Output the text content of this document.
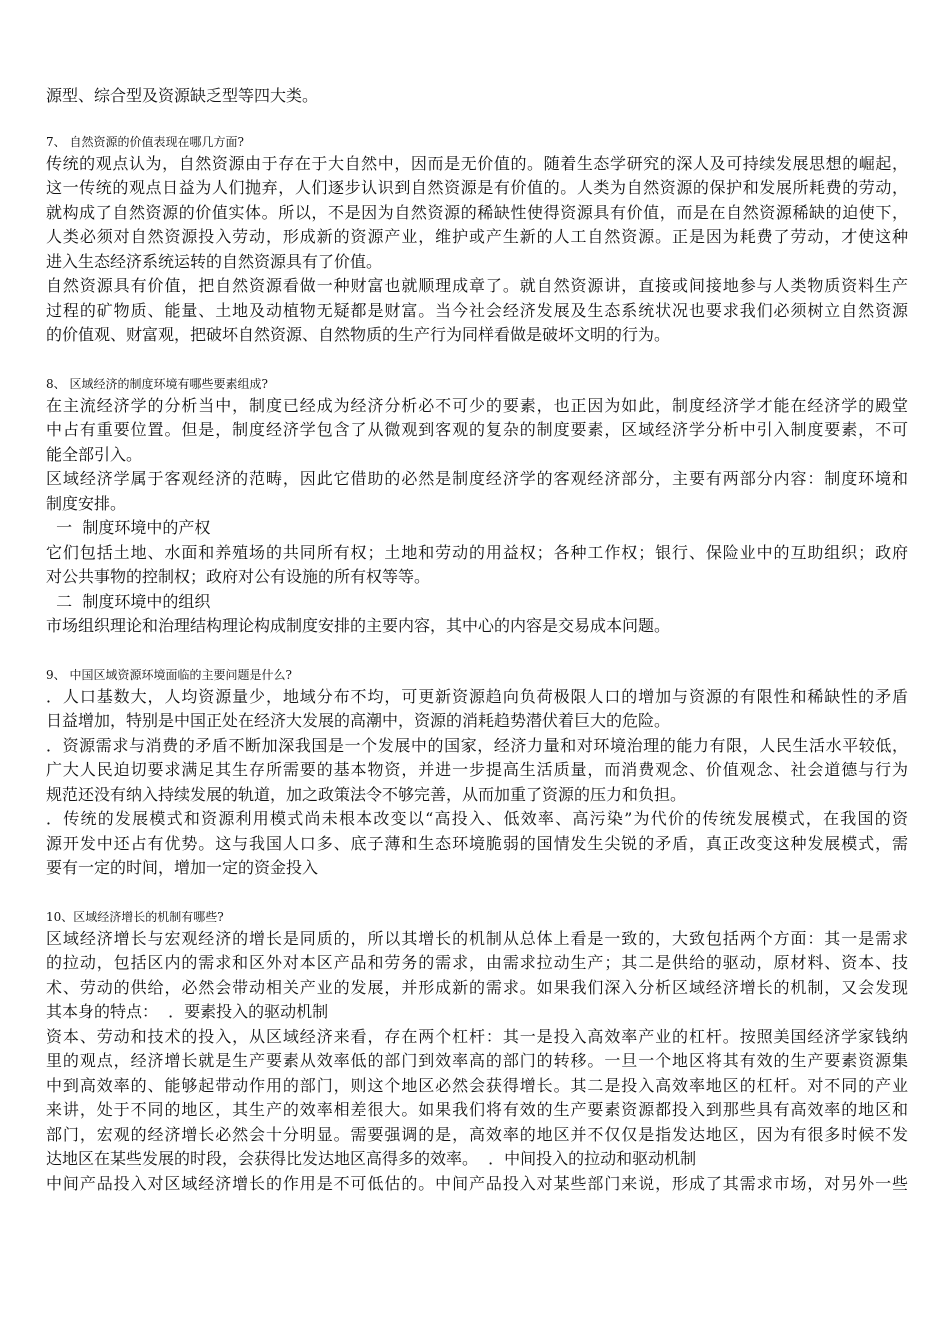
源型、综合型及资源缺乏型等四大类。
7、 自然资源的价值表现在哪几方面?
传统的观点认为，自然资源由于存在于大自然中，因而是无价值的。随着生态学研究的深人及可持续发展思想的崛起，
这一传统的观点日益为人们抛弃，人们逐步认识到自然资源是有价值的。人类为自然资源的保护和发展所耗费的劳动，
就构成了自然资源的价值实体。所以，不是因为自然资源的稀缺性使得资源具有价值，而是在自然资源稀缺的迫使下，
人类必须对自然资源投入劳动，形成新的资源产业，维护或产生新的人工自然资源。正是因为耗费了劳动，才使这种
进入生态经济系统运转的自然资源具有了价值。
自然资源具有价值，把自然资源看做一种财富也就顺理成章了。就自然资源讲，直接或间接地参与人类物质资料生产
过程的矿物质、能量、土地及动植物无疑都是财富。当今社会经济发展及生态系统状况也要求我们必须树立自然资源
的价值观、财富观，把破坏自然资源、自然物质的生产行为同样看做是破坏文明的行为。
8、 区域经济的制度环境有哪些要素组成?
在主流经济学的分析当中，制度已经成为经济分析必不可少的要素，也正因为如此，制度经济学才能在经济学的殿堂
中占有重要位置。但是，制度经济学包含了从微观到客观的复杂的制度要素，区域经济学分析中引入制度要素，不可
能全部引入。
区域经济学属于客观经济的范畴，因此它借助的必然是制度经济学的客观经济部分，主要有两部分内容：制度环境和
制度安排。
一  制度环境中的产权
它们包括土地、水面和养殖场的共同所有权；土地和劳动的用益权；各种工作权；银行、保险业中的互助组织；政府
对公共事物的控制权；政府对公有设施的所有权等等。
二  制度环境中的组织
市场组织理论和治理结构理论构成制度安排的主要内容，其中心的内容是交易成本问题。
9、 中国区域资源环境面临的主要问题是什么?
．人口基数大，人均资源量少，地域分布不均，可更新资源趋向负荷极限人口的增加与资源的有限性和稀缺性的矛盾
日益增加，特别是中国正处在经济大发展的高潮中，资源的消耗趋势潜伏着巨大的危险。
．资源需求与消费的矛盾不断加深我国是一个发展中的国家，经济力量和对环境治理的能力有限，人民生活水平较低，
广大人民迫切要求满足其生存所需要的基本物资，并进一步提高生活质量，而消费观念、价值观念、社会道德与行为
规范还没有纳入持续发展的轨道，加之政策法令不够完善，从而加重了资源的压力和负担。
．传统的发展模式和资源利用模式尚未根本改变以“高投入、低效率、高污染”为代价的传统发展模式，在我国的资
源开发中还占有优势。这与我国人口多、底子薄和生态环境脆弱的国情发生尖锐的矛盾，真正改变这种发展模式，需
要有一定的时间，增加一定的资金投入
10、区域经济增长的机制有哪些?
区域经济增长与宏观经济的增长是同质的，所以其增长的机制从总体上看是一致的，大致包括两个方面：其一是需求
的拉动，包括区内的需求和区外对本区产品和劳务的需求，由需求拉动生产；其二是供给的驱动，原材料、资本、技
术、劳动的供给，必然会带动相关产业的发展，并形成新的需求。如果我们深入分析区域经济增长的机制，又会发现
其本身的特点：  ．要素投入的驱动机制
资本、劳动和技术的投入，从区域经济来看，存在两个杠杆：其一是投入高效率产业的杠杆。按照美国经济学家钱纳
里的观点，经济增长就是生产要素从效率低的部门到效率高的部门的转移。一旦一个地区将其有效的生产要素资源集
中到高效率的、能够起带动作用的部门，则这个地区必然会获得增长。其二是投入高效率地区的杠杆。对不同的产业
来讲，处于不同的地区，其生产的效率相差很大。如果我们将有效的生产要素资源都投入到那些具有高效率的地区和
部门，宏观的经济增长必然会十分明显。需要强调的是，高效率的地区并不仅仅是指发达地区，因为有很多时候不发
达地区在某些发展的时段，会获得比发达地区高得多的效率。  ．中间投入的拉动和驱动机制
中间产品投入对区域经济增长的作用是不可低估的。中间产品投入对某些部门来说，形成了其需求市场，对另外一些
